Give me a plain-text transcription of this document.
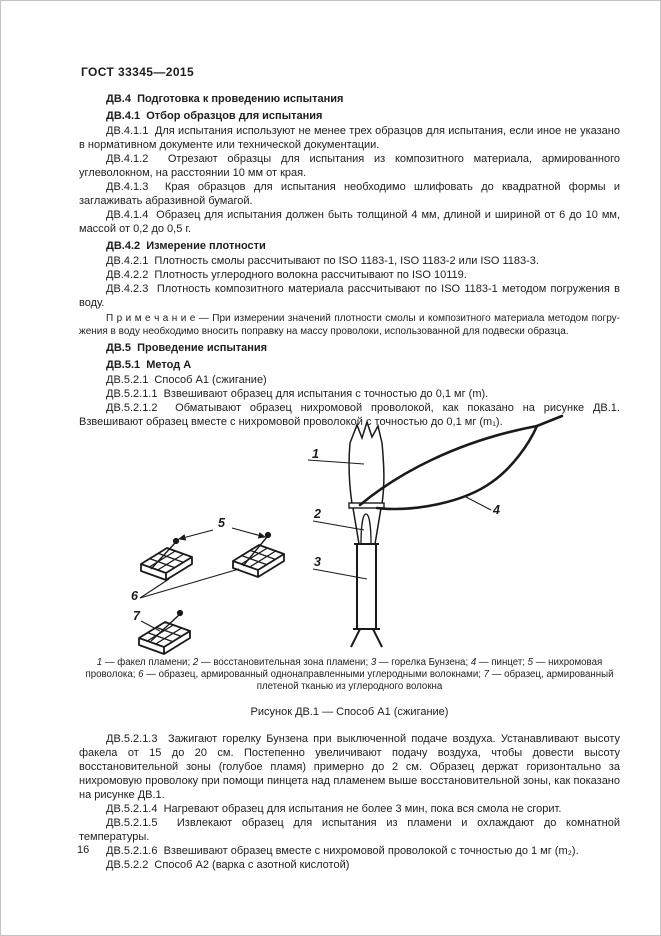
ГОСТ 33345—2015

ДВ.4  Подготовка к проведению испытания

ДВ.4.1  Отбор образцов для испытания

ДВ.4.1.1  Для испытания используют не менее трех образцов для испытания, если иное не указано в нормативном документе или технической документации.

ДВ.4.1.2  Отрезают образцы для испытания из композитного материала, армированного углеволокном, на расстоянии 10 мм от края.

ДВ.4.1.3  Края образцов для испытания необходимо шлифовать до квадратной формы и заглаживать абразивной бумагой.

ДВ.4.1.4  Образец для испытания должен быть толщиной 4 мм, длиной и шириной от 6 до 10 мм, массой от 0,2 до 0,5 г.

ДВ.4.2  Измерение плотности

ДВ.4.2.1  Плотность смолы рассчитывают по ISO 1183-1, ISO 1183-2 или ISO 1183-3.

ДВ.4.2.2  Плотность углеродного волокна рассчитывают по ISO 10119.

ДВ.4.2.3  Плотность композитного материала рассчитывают по ISO 1183-1 методом погружения в воду.

П р и м е ч а н и е — При измерении значений плотности смолы и композитного материала методом погружения в воду необходимо вносить поправку на массу проволоки, использованной для подвески образца.

ДВ.5  Проведение испытания

ДВ.5.1  Метод А

ДВ.5.2.1  Способ А1 (сжигание)

ДВ.5.2.1.1  Взвешивают образец для испытания с точностью до 0,1 мг (m).

ДВ.5.2.1.2  Обматывают образец нихромовой проволокой, как показано на рисунке ДВ.1. Взвешивают образец вместе с нихромовой проволокой с точностью до 0,1 мг (m₁).

1
2
3
4
5
6
7
1 — факел пламени; 2 — восстановительная зона пламени; 3 — горелка Бунзена; 4 — пинцет; 5 — нихромовая проволока; 6 — образец, армированный однонаправленными углеродными волокнами; 7 — образец, армированный плетеной тканью из углеродного волокна
Рисунок ДВ.1 — Способ А1 (сжигание)

ДВ.5.2.1.3  Зажигают горелку Бунзена при выключенной подаче воздуха. Устанавливают высоту факела от 15 до 20 см. Постепенно увеличивают подачу воздуха, чтобы довести высоту восстановительной зоны (голубое пламя) примерно до 2 см. Образец держат горизонтально за нихромовую проволоку при помощи пинцета над пламенем выше восстановительной зоны, как показано на рисунке ДВ.1.

ДВ.5.2.1.4  Нагревают образец для испытания не более 3 мин, пока вся смола не сгорит.

ДВ.5.2.1.5  Извлекают образец для испытания из пламени и охлаждают до комнатной температуры.

ДВ.5.2.1.6  Взвешивают образец вместе с нихромовой проволокой с точностью до 1 мг (m₂).

ДВ.5.2.2  Способ А2 (варка с азотной кислотой)

16
